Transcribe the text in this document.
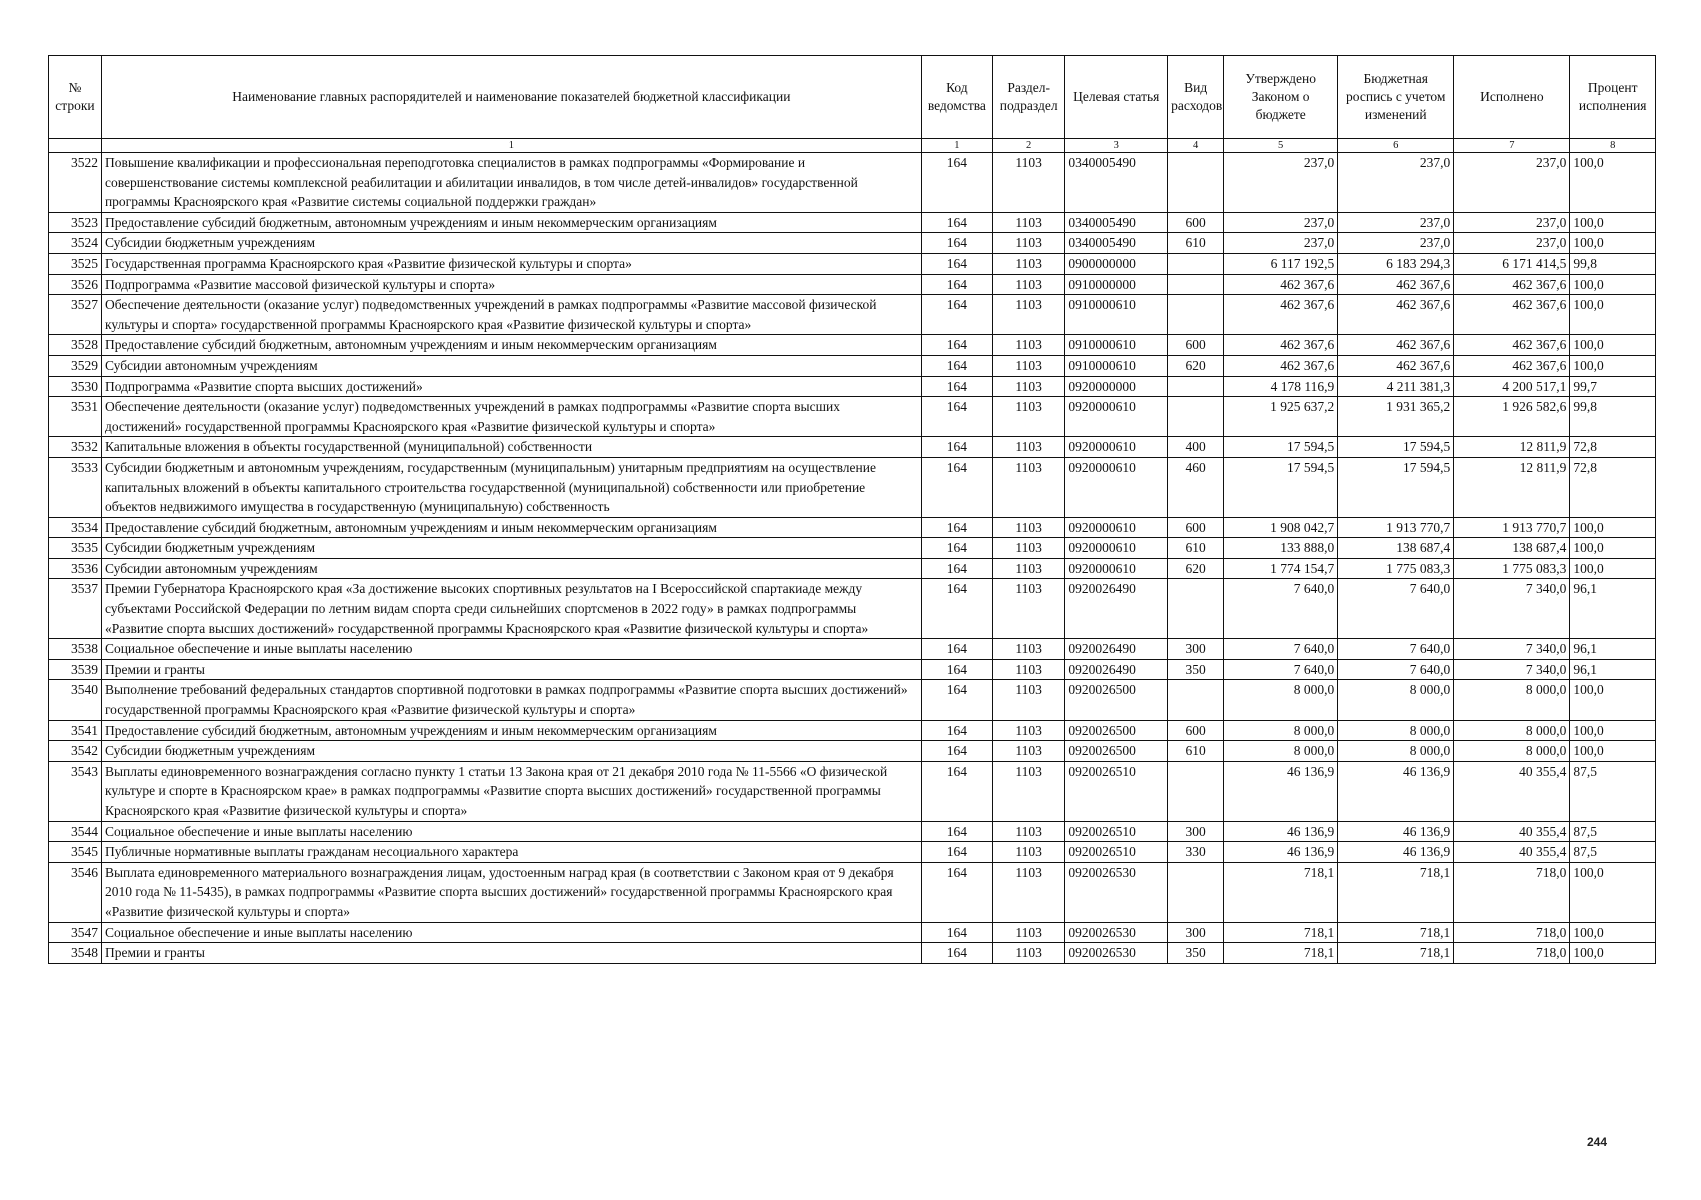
№ строки	Наименование главных распорядителей и наименование показателей бюджетной классификации	Код ведомства	Раздел-подраздел	Целевая статья	Вид расходов	Утверждено Законом о бюджете	Бюджетная роспись с учетом изменений	Исполнено	Процент исполнения
	1	1	2	3	4	5	6	7	8
3522	Повышение квалификации и профессиональная переподготовка специалистов в рамках подпрограммы «Формирование и совершенствование системы комплексной реабилитации и абилитации инвалидов, в том числе детей-инвалидов» государственной программы Красноярского края «Развитие системы социальной поддержки граждан»	164	1103	0340005490		237,0	237,0	237,0	100,0
3523	Предоставление субсидий бюджетным, автономным учреждениям и иным некоммерческим организациям	164	1103	0340005490	600	237,0	237,0	237,0	100,0
3524	Субсидии бюджетным учреждениям	164	1103	0340005490	610	237,0	237,0	237,0	100,0
3525	Государственная программа Красноярского края «Развитие физической культуры и спорта»	164	1103	0900000000		6 117 192,5	6 183 294,3	6 171 414,5	99,8
3526	Подпрограмма «Развитие массовой физической культуры и спорта»	164	1103	0910000000		462 367,6	462 367,6	462 367,6	100,0
3527	Обеспечение деятельности (оказание услуг) подведомственных учреждений в рамках подпрограммы «Развитие массовой физической культуры и спорта» государственной программы Красноярского края «Развитие физической культуры и спорта»	164	1103	0910000610		462 367,6	462 367,6	462 367,6	100,0
3528	Предоставление субсидий бюджетным, автономным учреждениям и иным некоммерческим организациям	164	1103	0910000610	600	462 367,6	462 367,6	462 367,6	100,0
3529	Субсидии автономным учреждениям	164	1103	0910000610	620	462 367,6	462 367,6	462 367,6	100,0
3530	Подпрограмма «Развитие спорта высших достижений»	164	1103	0920000000		4 178 116,9	4 211 381,3	4 200 517,1	99,7
3531	Обеспечение деятельности (оказание услуг) подведомственных учреждений в рамках подпрограммы «Развитие спорта высших достижений» государственной программы Красноярского края «Развитие физической культуры и спорта»	164	1103	0920000610		1 925 637,2	1 931 365,2	1 926 582,6	99,8
3532	Капитальные вложения в объекты государственной (муниципальной) собственности	164	1103	0920000610	400	17 594,5	17 594,5	12 811,9	72,8
3533	Субсидии бюджетным и автономным учреждениям, государственным (муниципальным) унитарным предприятиям на осуществление капитальных вложений в объекты капитального строительства государственной (муниципальной) собственности или приобретение объектов недвижимого имущества в государственную (муниципальную) собственность	164	1103	0920000610	460	17 594,5	17 594,5	12 811,9	72,8
3534	Предоставление субсидий бюджетным, автономным учреждениям и иным некоммерческим организациям	164	1103	0920000610	600	1 908 042,7	1 913 770,7	1 913 770,7	100,0
3535	Субсидии бюджетным учреждениям	164	1103	0920000610	610	133 888,0	138 687,4	138 687,4	100,0
3536	Субсидии автономным учреждениям	164	1103	0920000610	620	1 774 154,7	1 775 083,3	1 775 083,3	100,0
3537	Премии Губернатора Красноярского края «За достижение высоких спортивных результатов на I Всероссийской спартакиаде между субъектами Российской Федерации по летним видам спорта среди сильнейших спортсменов в 2022 году» в рамках подпрограммы «Развитие спорта высших достижений» государственной программы Красноярского края «Развитие физической культуры и спорта»	164	1103	0920026490		7 640,0	7 640,0	7 340,0	96,1
3538	Социальное обеспечение и иные выплаты населению	164	1103	0920026490	300	7 640,0	7 640,0	7 340,0	96,1
3539	Премии и гранты	164	1103	0920026490	350	7 640,0	7 640,0	7 340,0	96,1
3540	Выполнение требований федеральных стандартов спортивной подготовки в рамках подпрограммы «Развитие спорта высших достижений» государственной программы Красноярского края «Развитие физической культуры и спорта»	164	1103	0920026500		8 000,0	8 000,0	8 000,0	100,0
3541	Предоставление субсидий бюджетным, автономным учреждениям и иным некоммерческим организациям	164	1103	0920026500	600	8 000,0	8 000,0	8 000,0	100,0
3542	Субсидии бюджетным учреждениям	164	1103	0920026500	610	8 000,0	8 000,0	8 000,0	100,0
3543	Выплаты единовременного вознаграждения согласно пункту 1 статьи 13 Закона края от 21 декабря 2010 года № 11-5566 «О физической культуре и спорте в Красноярском крае» в рамках подпрограммы «Развитие спорта высших достижений» государственной программы Красноярского края «Развитие физической культуры и спорта»	164	1103	0920026510		46 136,9	46 136,9	40 355,4	87,5
3544	Социальное обеспечение и иные выплаты населению	164	1103	0920026510	300	46 136,9	46 136,9	40 355,4	87,5
3545	Публичные нормативные выплаты гражданам несоциального характера	164	1103	0920026510	330	46 136,9	46 136,9	40 355,4	87,5
3546	Выплата единовременного материального вознаграждения лицам, удостоенным наград края (в соответствии с Законом края от 9 декабря 2010 года № 11-5435), в рамках подпрограммы «Развитие спорта высших достижений» государственной программы Красноярского края «Развитие физической культуры и спорта»	164	1103	0920026530		718,1	718,1	718,0	100,0
3547	Социальное обеспечение и иные выплаты населению	164	1103	0920026530	300	718,1	718,1	718,0	100,0
3548	Премии и гранты	164	1103	0920026530	350	718,1	718,1	718,0	100,0
244
